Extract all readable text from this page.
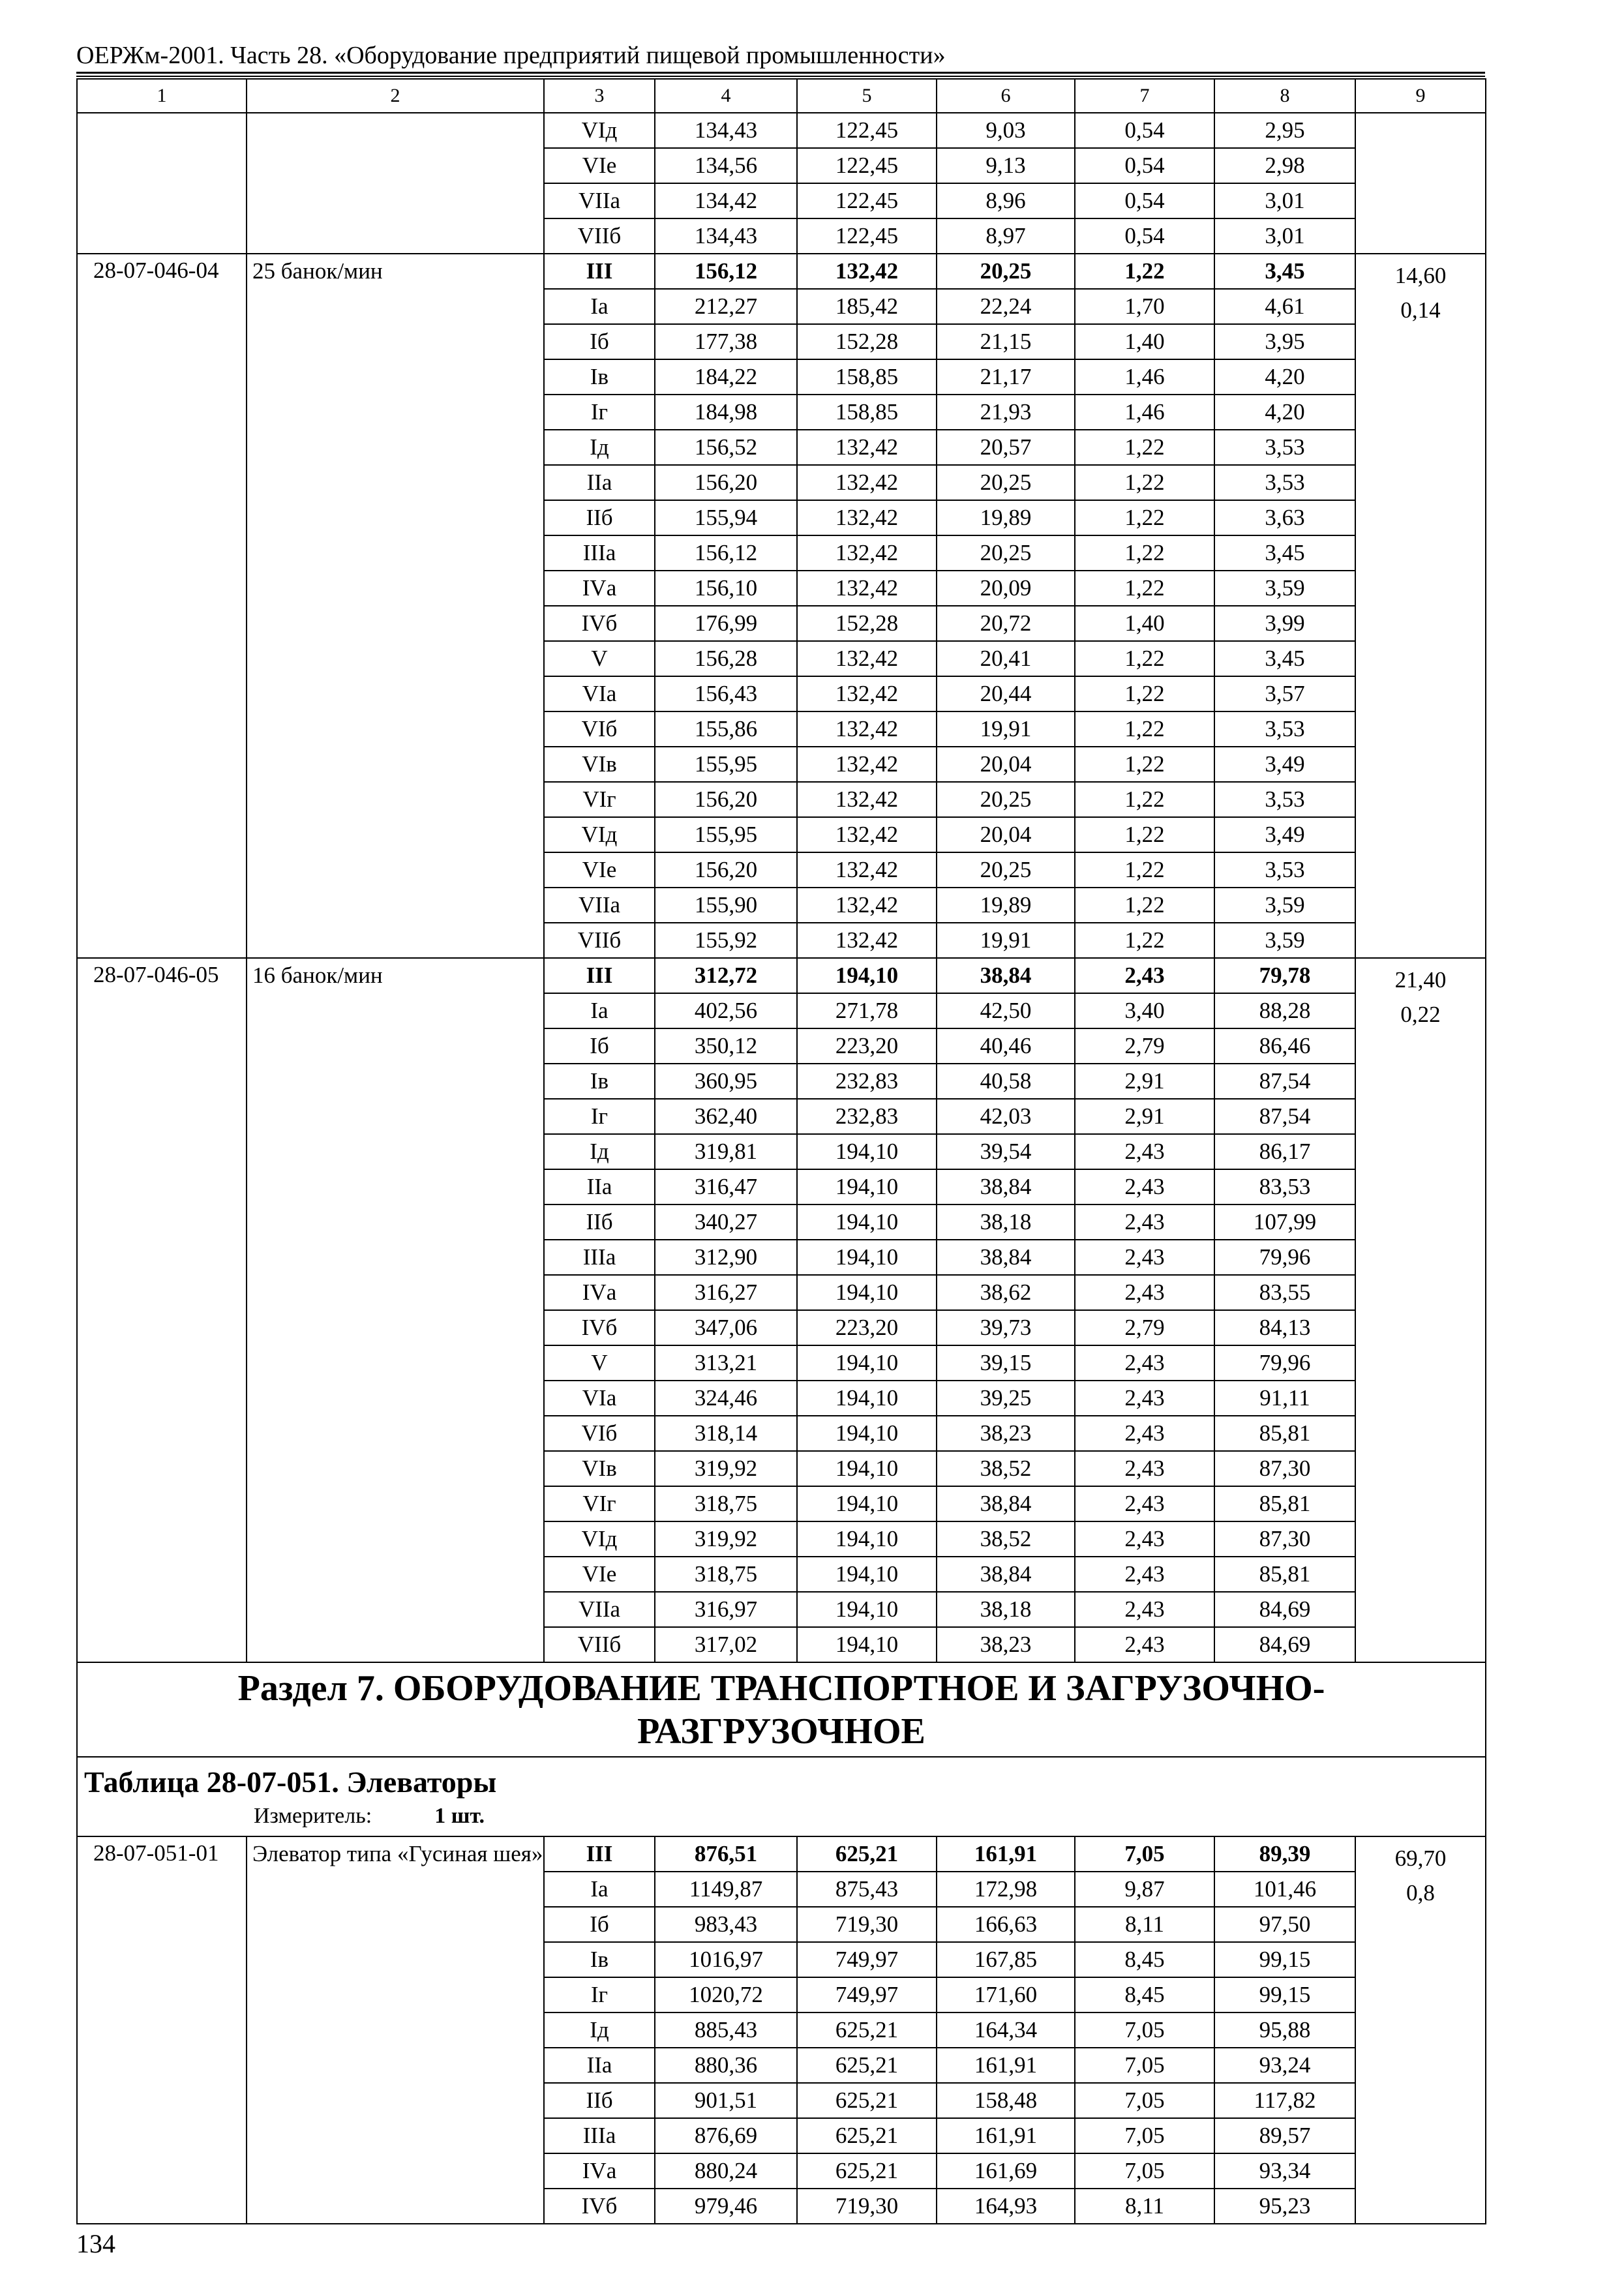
ОЕРЖм-2001. Часть 28. «Оборудование предприятий пищевой промышленности»
1	2	3	4	5	6	7	8	9
		VIд	134,43	122,45	9,03	0,54	2,95	
		VIе	134,56	122,45	9,13	0,54	2,98	
		VIIа	134,42	122,45	8,96	0,54	3,01	
		VIIб	134,43	122,45	8,97	0,54	3,01	
28-07-046-04	25 банок/мин	III	156,12	132,42	20,25	1,22	3,45	14,60
0,14

		Iа	212,27	185,42	22,24	1,70	4,61	
		Iб	177,38	152,28	21,15	1,40	3,95	
		Iв	184,22	158,85	21,17	1,46	4,20	
		Iг	184,98	158,85	21,93	1,46	4,20	
		Iд	156,52	132,42	20,57	1,22	3,53	
		IIа	156,20	132,42	20,25	1,22	3,53	
		IIб	155,94	132,42	19,89	1,22	3,63	
		IIIа	156,12	132,42	20,25	1,22	3,45	
		IVа	156,10	132,42	20,09	1,22	3,59	
		IVб	176,99	152,28	20,72	1,40	3,99	
		V	156,28	132,42	20,41	1,22	3,45	
		VIа	156,43	132,42	20,44	1,22	3,57	
		VIб	155,86	132,42	19,91	1,22	3,53	
		VIв	155,95	132,42	20,04	1,22	3,49	
		VIг	156,20	132,42	20,25	1,22	3,53	
		VIд	155,95	132,42	20,04	1,22	3,49	
		VIе	156,20	132,42	20,25	1,22	3,53	
		VIIа	155,90	132,42	19,89	1,22	3,59	
		VIIб	155,92	132,42	19,91	1,22	3,59	
28-07-046-05	16 банок/мин	III	312,72	194,10	38,84	2,43	79,78	21,40
0,22

		Iа	402,56	271,78	42,50	3,40	88,28	
		Iб	350,12	223,20	40,46	2,79	86,46	
		Iв	360,95	232,83	40,58	2,91	87,54	
		Iг	362,40	232,83	42,03	2,91	87,54	
		Iд	319,81	194,10	39,54	2,43	86,17	
		IIа	316,47	194,10	38,84	2,43	83,53	
		IIб	340,27	194,10	38,18	2,43	107,99	
		IIIа	312,90	194,10	38,84	2,43	79,96	
		IVа	316,27	194,10	38,62	2,43	83,55	
		IVб	347,06	223,20	39,73	2,79	84,13	
		V	313,21	194,10	39,15	2,43	79,96	
		VIа	324,46	194,10	39,25	2,43	91,11	
		VIб	318,14	194,10	38,23	2,43	85,81	
		VIв	319,92	194,10	38,52	2,43	87,30	
		VIг	318,75	194,10	38,84	2,43	85,81	
		VIд	319,92	194,10	38,52	2,43	87,30	
		VIе	318,75	194,10	38,84	2,43	85,81	
		VIIа	316,97	194,10	38,18	2,43	84,69	
		VIIб	317,02	194,10	38,23	2,43	84,69	
Раздел 7. ОБОРУДОВАНИЕ ТРАНСПОРТНОЕ И ЗАГРУЗОЧНО-РАЗГРУЗОЧНОЕ								

Таблица 28-07-051. Элеваторы
Измеритель: 1 шт.								

28-07-051-01	Элеватор типа «Гусиная шея»	III	876,51	625,21	161,91	7,05	89,39	69,70
0,8

		Iа	1149,87	875,43	172,98	9,87	101,46	
		Iб	983,43	719,30	166,63	8,11	97,50	
		Iв	1016,97	749,97	167,85	8,45	99,15	
		Iг	1020,72	749,97	171,60	8,45	99,15	
		Iд	885,43	625,21	164,34	7,05	95,88	
		IIа	880,36	625,21	161,91	7,05	93,24	
		IIб	901,51	625,21	158,48	7,05	117,82	
		IIIа	876,69	625,21	161,91	7,05	89,57	
		IVа	880,24	625,21	161,69	7,05	93,34	
		IVб	979,46	719,30	164,93	8,11	95,23	
134
